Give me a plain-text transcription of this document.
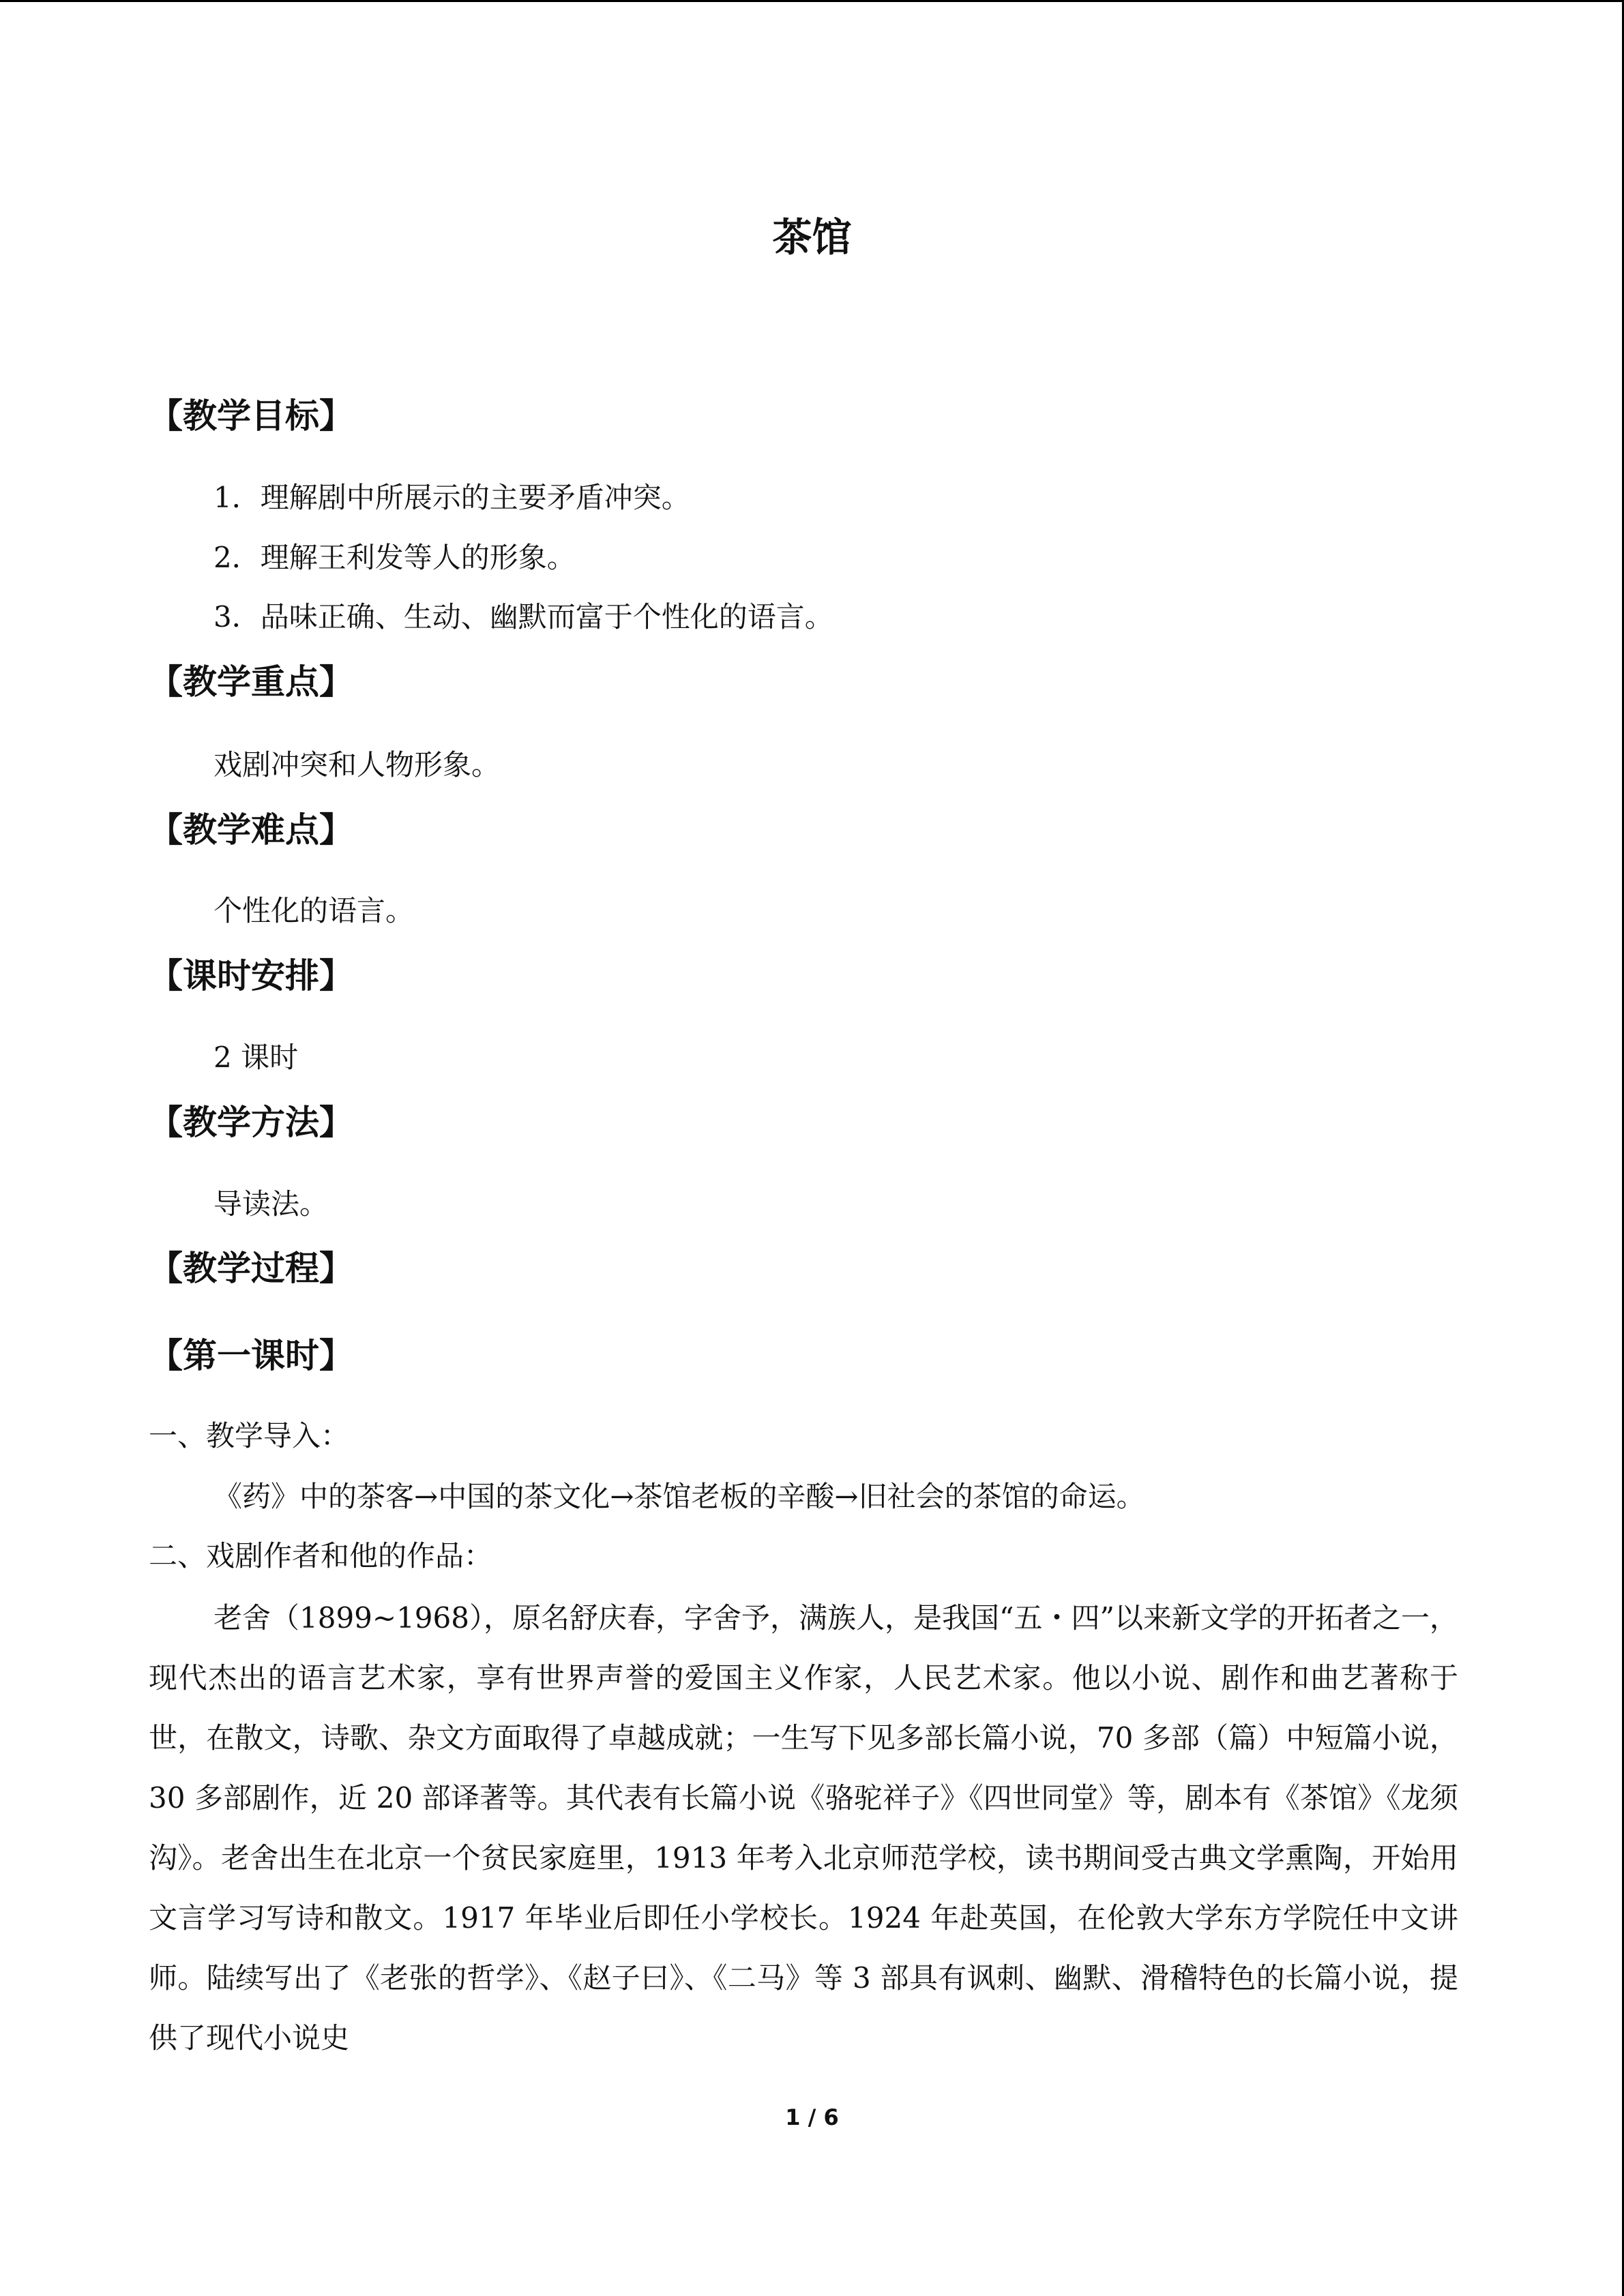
茶馆
【教学目标】
1．理解剧中所展示的主要矛盾冲突。
2．理解王利发等人的形象。
3．品味正确、生动、幽默而富于个性化的语言。
【教学重点】
戏剧冲突和人物形象。
【教学难点】
个性化的语言。
【课时安排】
2 课时
【教学方法】
导读法。
【教学过程】
【第一课时】
一、教学导入：
《药》中的茶客→中国的茶文化→茶馆老板的辛酸→旧社会的茶馆的命运。
二、戏剧作者和他的作品：

老舍（1899~1968），原名舒庆春，字舍予，满族人，是我国“五・四”以来新文学的开拓者之一，现代杰出的语言艺术家，享有世界声誉的爱国主义作家，人民艺术家。他以小说、剧作和曲艺著称于世，在散文，诗歌、杂文方面取得了卓越成就；一生写下见多部长篇小说，70 多部（篇）中短篇小说，30 多部剧作，近 20 部译著等。其代表有长篇小说《骆驼祥子》《四世同堂》等，剧本有《茶馆》《龙须沟》。老舍出生在北京一个贫民家庭里，1913 年考入北京师范学校，读书期间受古典文学熏陶，开始用文言学习写诗和散文。1917 年毕业后即任小学校长。1924 年赴英国，在伦敦大学东方学院任中文讲师。陆续写出了《老张的哲学》、《赵子曰》、《二马》等 3 部具有讽刺、幽默、滑稽特色的长篇小说，提供了现代小说史

1 / 6
